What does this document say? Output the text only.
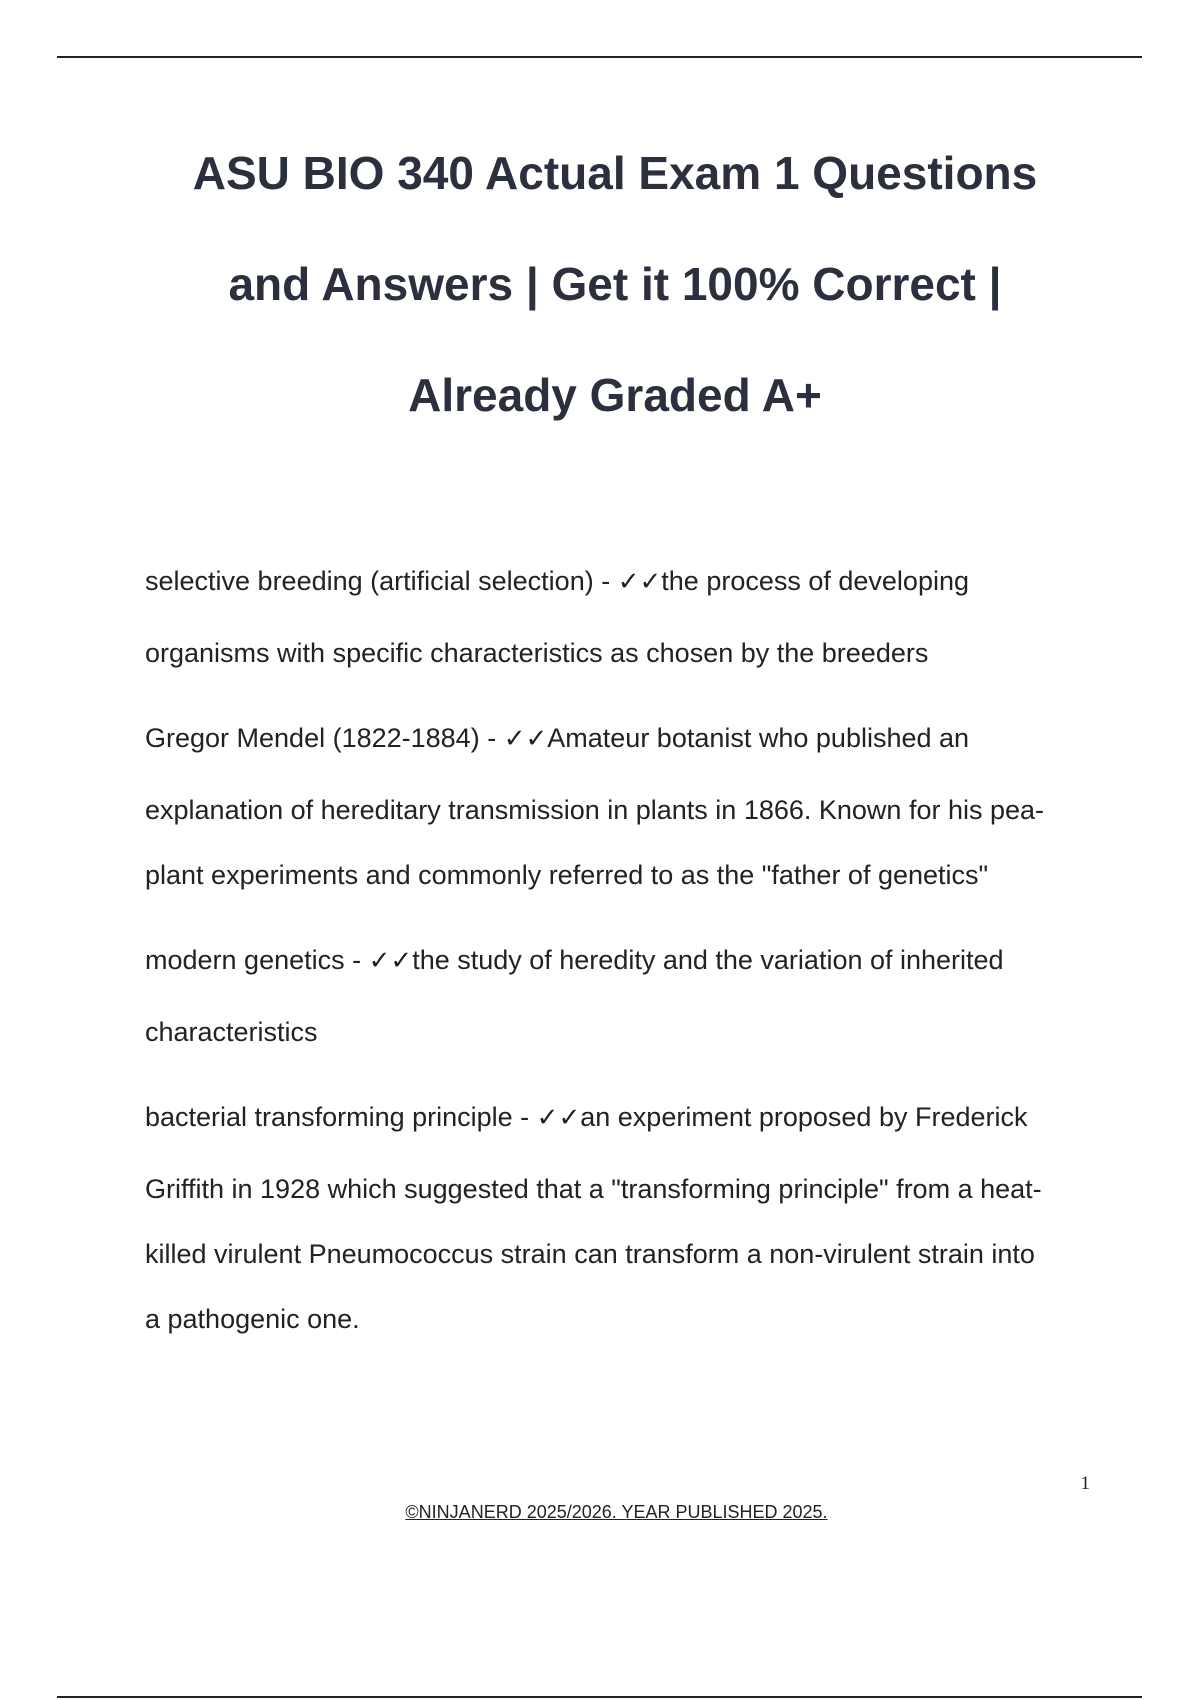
ASU BIO 340 Actual Exam 1 Questions
and Answers | Get it 100% Correct |
Already Graded A+
selective breeding (artificial selection) - ✓✓the process of developing
organisms with specific characteristics as chosen by the breeders
Gregor Mendel (1822-1884) - ✓✓Amateur botanist who published an
explanation of hereditary transmission in plants in 1866. Known for his pea-
plant experiments and commonly referred to as the "father of genetics"
modern genetics - ✓✓the study of heredity and the variation of inherited
characteristics
bacterial transforming principle - ✓✓an experiment proposed by Frederick
Griffith in 1928 which suggested that a "transforming principle" from a heat-
killed virulent Pneumococcus strain can transform a non-virulent strain into
a pathogenic one.
1
©NINJANERD 2025/2026. YEAR PUBLISHED 2025.
